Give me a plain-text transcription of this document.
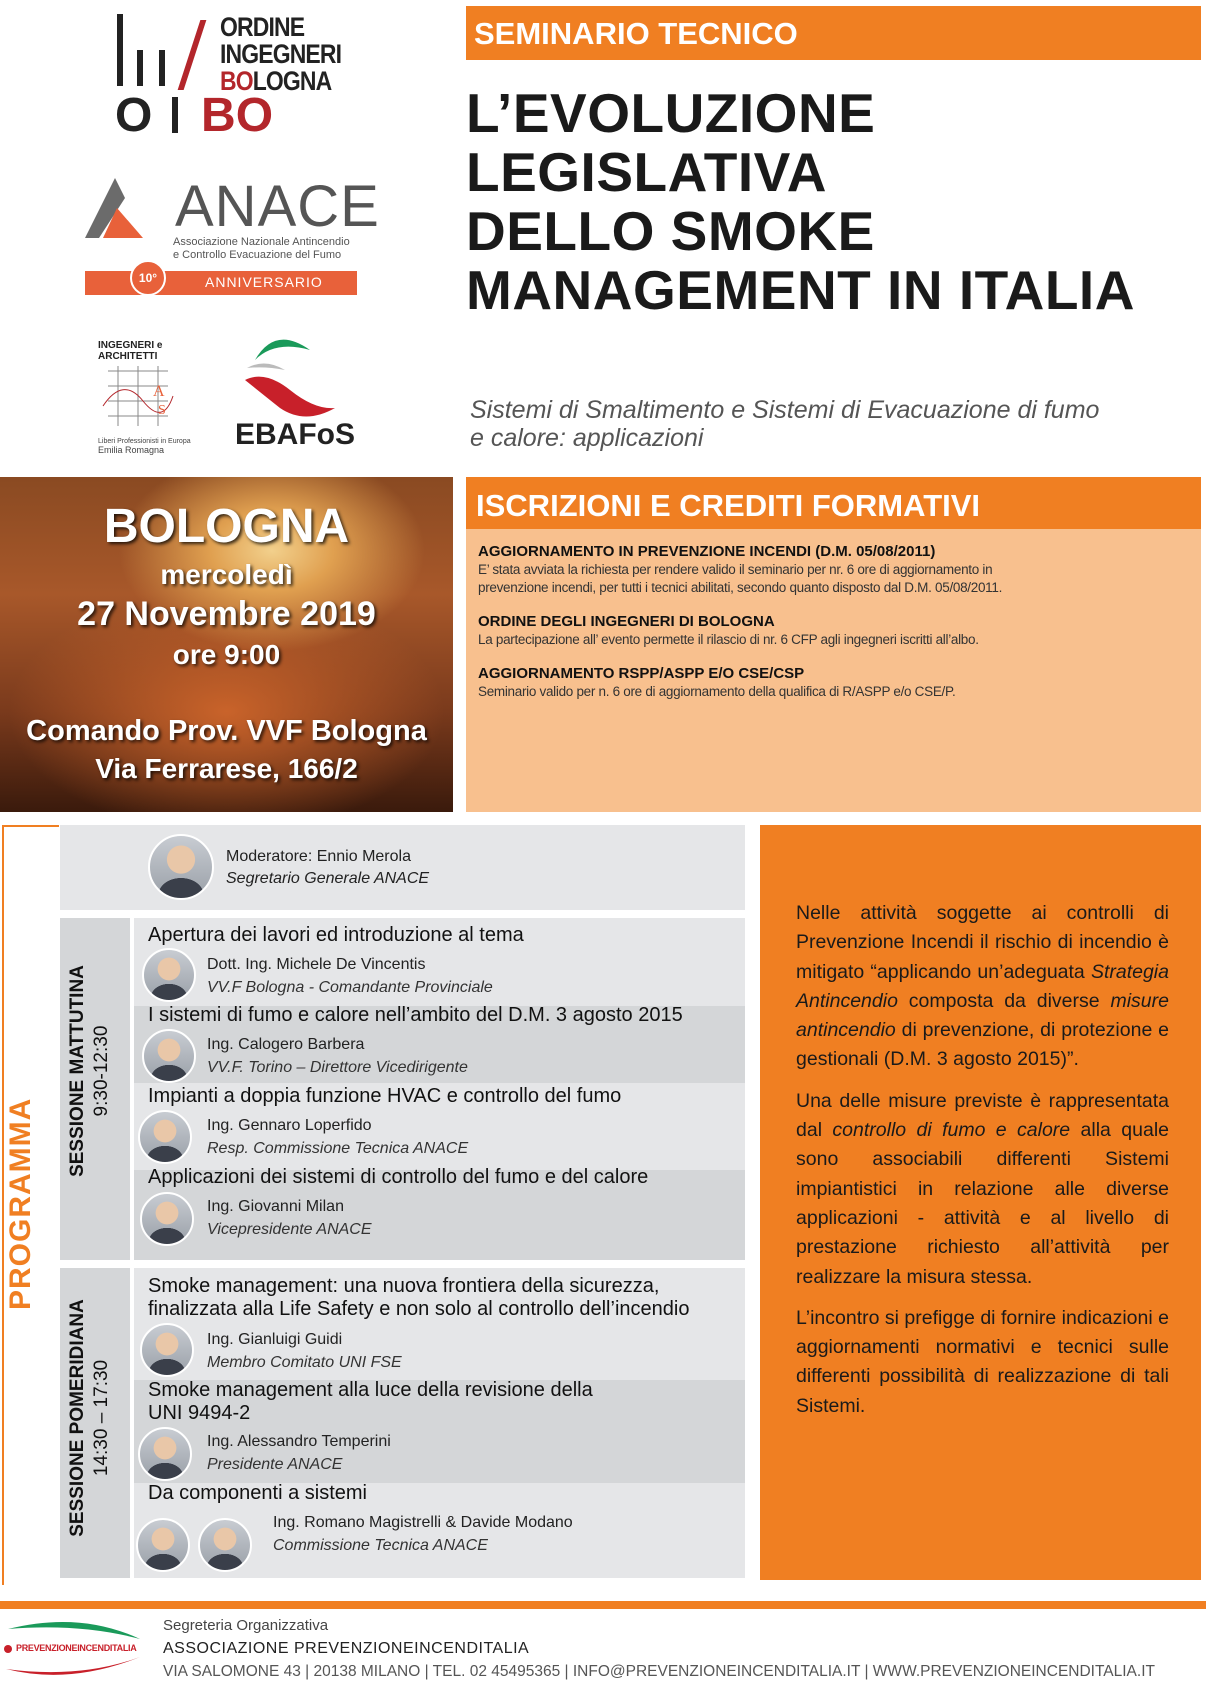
O BO
ORDINE
INGEGNERI
BOLOGNA
ANACE
Associazione Nazionale Antincendio
e Controllo Evacuazione del Fumo
10°	ANNIVERSARIO
INGEGNERI e
ARCHITETTI
A
S
Liberi Professionisti in Europa
Emilia Romagna	EBAFoS
SEMINARIO TECNICO
L’EVOLUZIONE
LEGISLATIVA
DELLO SMOKE
MANAGEMENT IN ITALIA
Sistemi di Smaltimento e Sistemi di Evacuazione di fumo
e calore: applicazioni
BOLOGNA
mercoledì
27 Novembre 2019
ore 9:00
Comando Prov. VVF Bologna
Via Ferrarese, 166/2
ISCRIZIONI E CREDITI FORMATIVI
AGGIORNAMENTO IN PREVENZIONE INCENDI (D.M. 05/08/2011)
E’ stata avviata la richiesta per rendere valido il seminario per nr. 6 ore di aggiornamento in
prevenzione incendi, per tutti i tecnici abilitati, secondo quanto disposto dal D.M. 05/08/2011.
ORDINE DEGLI INGEGNERI DI BOLOGNA
La partecipazione all’ evento permette il rilascio di nr. 6 CFP agli ingegneri iscritti all’albo.
AGGIORNAMENTO RSPP/ASPP E/O CSE/CSP
Seminario valido per n. 6 ore di aggiornamento della qualifica di R/ASPP e/o CSE/P.
PROGRAMMA
Moderatore: Ennio Merola
Segretario Generale ANACE
SESSIONE MATTUTINA 9:30-12:30
SESSIONE POMERIDIANA 14:30 – 17:30
Apertura dei lavori ed introduzione al tema
Dott. Ing. Michele De Vincentis
VV.F Bologna - Comandante Provinciale
I sistemi di fumo e calore nell’ambito del D.M. 3 agosto 2015
Ing. Calogero Barbera
VV.F. Torino – Direttore Vicedirigente
Impianti a doppia funzione HVAC e controllo del fumo
Ing. Gennaro Loperfido
Resp. Commissione Tecnica ANACE
Applicazioni dei sistemi di controllo del fumo e del calore
Ing. Giovanni Milan
Vicepresidente ANACE
Smoke management: una nuova frontiera della sicurezza,
finalizzata alla Life Safety e non solo al controllo dell’incendio
Ing. Gianluigi Guidi
Membro Comitato UNI FSE
Smoke management alla luce della revisione della
UNI 9494-2
Ing. Alessandro Temperini
Presidente ANACE
Da componenti a sistemi
Ing. Romano Magistrelli & Davide Modano
Commissione Tecnica ANACE

Nelle attività soggette ai controlli di Prevenzione Incendi il rischio di incendio è mitigato “applicando un’adeguata Strategia Antincendio composta da diverse misure antincendio di prevenzione, di protezione e gestionali (D.M. 3 agosto 2015)”.

Una delle misure previste è rappresentata dal controllo di fumo e calore alla quale sono associabili differenti Sistemi impiantistici in relazione alle diverse applicazioni - attività e al livello di prestazione richiesto all’attività per realizzare la misura stessa.

L’incontro si prefigge di fornire indicazioni e aggiornamenti normativi e tecnici sulle differenti possibilità di realizzazione di tali Sistemi.

PREVENZIONEINCENDITALIA
Segreteria Organizzativa
ASSOCIAZIONE PREVENZIONEINCENDITALIA
VIA SALOMONE 43 | 20138 MILANO | TEL. 02 45495365 | INFO@PREVENZIONEINCENDITALIA.IT | WWW.PREVENZIONEINCENDITALIA.IT
